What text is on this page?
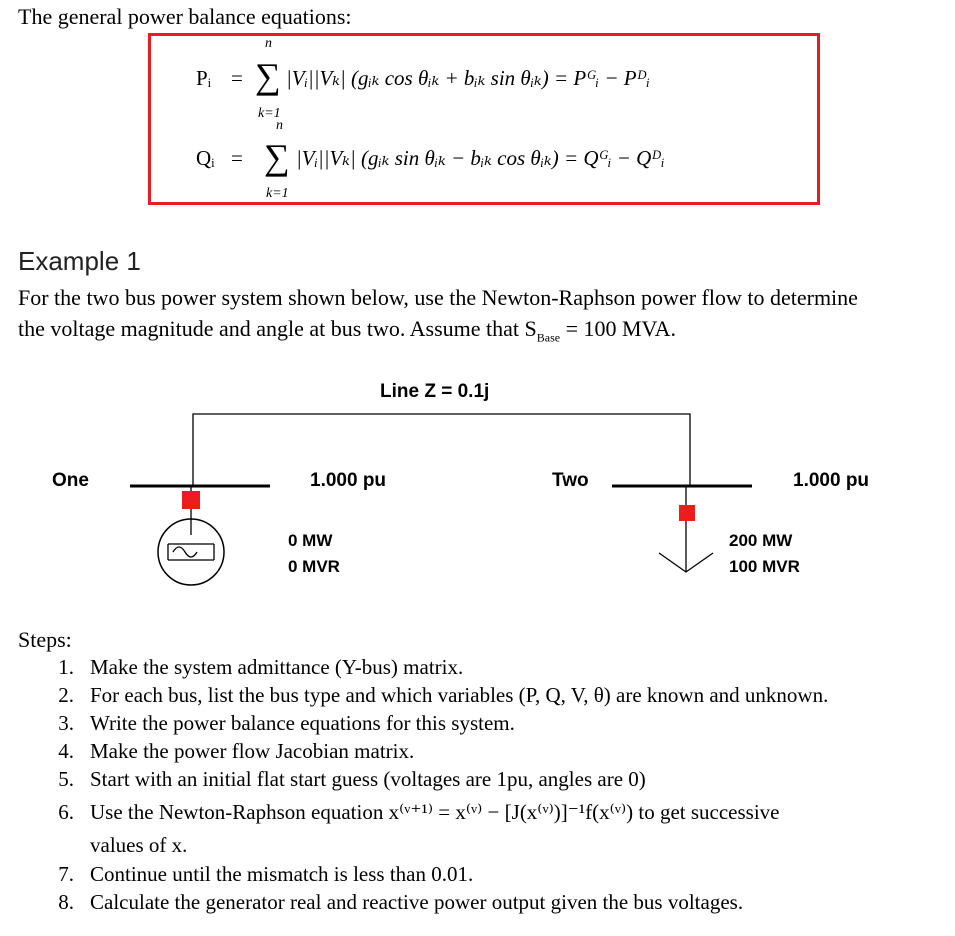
The general power balance equations:
n
Pᵢ = ∑
k=1
|Vᵢ||Vₖ| (gᵢₖ cos θᵢₖ + bᵢₖ sin θᵢₖ) = Pᴳᵢ − Pᴰᵢ
n
Qᵢ = ∑
k=1
|Vᵢ||Vₖ| (gᵢₖ sin θᵢₖ − bᵢₖ cos θᵢₖ) = Qᴳᵢ − Qᴰᵢ
Example 1
For the two bus power system shown below, use the Newton-Raphson power flow to determine
the voltage magnitude and angle at bus two. Assume that $S_{Base} = 100$ MVA.
Line Z = 0.1j
One	1.000 pu	Two	1.000 pu
0 MW
0 MVR
200 MW
100 MVR
Steps:
1. Make the system admittance (Y-bus) matrix.
2. For each bus, list the bus type and which variables (P, Q, V, θ) are known and unknown.
3. Write the power balance equations for this system.
4. Make the power flow Jacobian matrix.
5. Start with an initial flat start guess (voltages are 1pu, angles are 0)
6. Use the Newton-Raphson equation x⁽ᵛ⁺¹⁾ = x⁽ᵛ⁾ − [J(x⁽ᵛ⁾)]⁻¹f(x⁽ᵛ⁾) to get successive
values of x.
7. Continue until the mismatch is less than 0.01.
8. Calculate the generator real and reactive power output given the bus voltages.
